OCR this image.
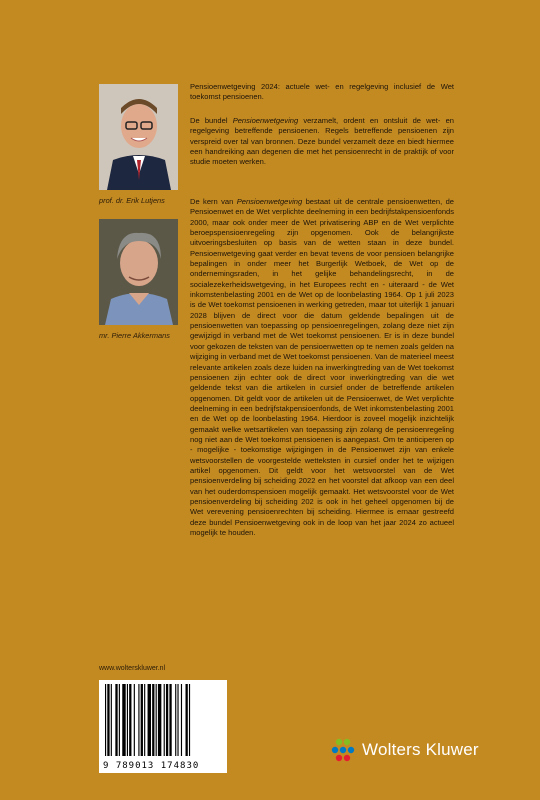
prof. dr. Erik Lutjens
mr. Pierre Akkermans

Pensioenwetgeving 2024: actuele wet- en regelgeving inclusief de Wet toekomst pensioenen.

De bundel Pensioenwetgeving verzamelt, ordent en ontsluit de wet- en regelgeving betreffende pensioenen. Regels betreffende pensioenen zijn verspreid over tal van bronnen. Deze bundel verzamelt deze en biedt hiermee een handreiking aan degenen die met het pensioenrecht in de praktijk of voor studie moeten werken.

De kern van Pensioenwetgeving bestaat uit de centrale pensioenwetten, de Pensioenwet en de Wet verplichte deelneming in een bedrijfstakpensioenfonds 2000, maar ook onder meer de Wet privatisering ABP en de Wet verplichte beroepspensioenregeling zijn opgenomen. Ook de belangrijkste uitvoeringsbesluiten op basis van de wetten staan in deze bundel. Pensioenwetgeving gaat verder en bevat tevens de voor pensioen belangrijke bepalingen in onder meer het Burgerlijk Wetboek, de Wet op de ondernemingsraden, in het gelijke behandelingsrecht, in de socialezekerheidswetgeving, in het Europees recht en - uiteraard - de Wet inkomstenbelasting 2001 en de Wet op de loonbelasting 1964. Op 1 juli 2023 is de Wet toekomst pensioenen in werking getreden, maar tot uiterlijk 1 januari 2028 blijven de direct voor die datum geldende bepalingen uit de pensioenwetten van toepassing op pensioenregelingen, zolang deze niet zijn gewijzigd in verband met de Wet toekomst pensioenen. Er is in deze bundel voor gekozen de teksten van de pensioenwetten op te nemen zoals gelden na wijziging in verband met de Wet toekomst pensioenen. Van de materieel meest relevante artikelen zoals deze luiden na inwerkingtreding van de Wet toekomst pensioenen zijn echter ook de direct voor inwerkingtreding van die wet geldende tekst van die artikelen in cursief onder de betreffende artikelen opgenomen. Dit geldt voor de artikelen uit de Pensioenwet, de Wet verplichte deelneming in een bedrijfstakpensioenfonds, de Wet inkomstenbelasting 2001 en de Wet op de loonbelasting 1964. Hierdoor is zoveel mogelijk inzichtelijk gemaakt welke wetsartikelen van toepassing zijn zolang de pensioenregeling nog niet aan de Wet toekomst pensioenen is aangepast. Om te anticiperen op - mogelijke - toekomstige wijzigingen in de Pensioenwet zijn van enkele wetsvoorstellen de voorgestelde wetteksten in cursief onder het te wijzigen artikel opgenomen. Dit geldt voor het wetsvoorstel van de Wet pensioenverdeling bij scheiding 2022 en het voorstel dat afkoop van een deel van het ouderdomspensioen mogelijk gemaakt. Het wetsvoorstel voor de Wet pensioenverdeling bij scheiding 202 is ook in het geheel opgenomen bij de Wet verevening pensioenrechten bij scheiding. Hiermee is ernaar gestreefd deze bundel Pensioenwetgeving ook in de loop van het jaar 2024 zo actueel mogelijk te houden.

www.wolterskluwer.nl
9 789013 174830
Wolters Kluwer
